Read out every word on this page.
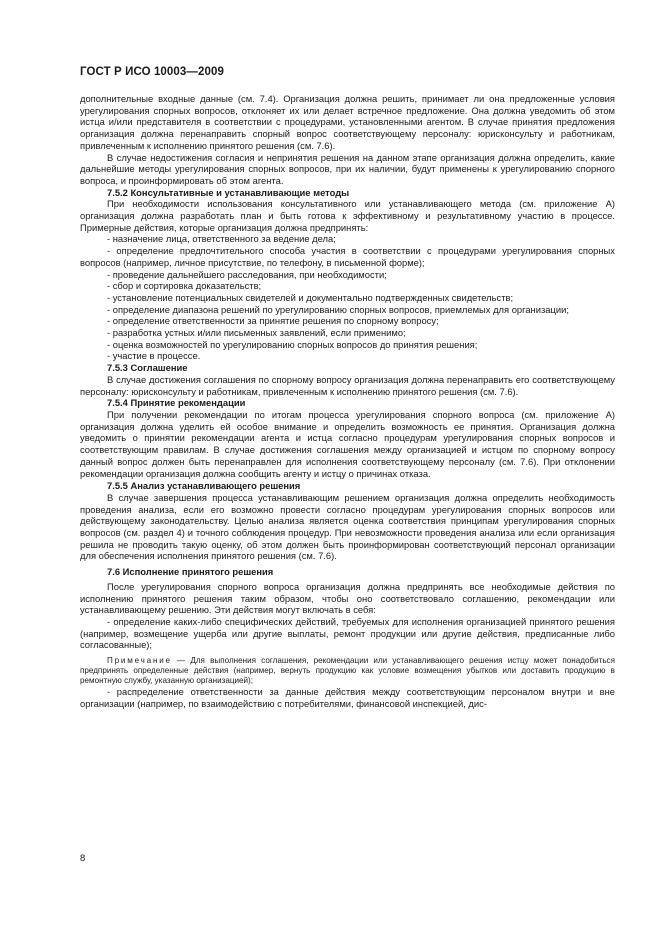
ГОСТ Р ИСО 10003—2009

дополнительные входные данные (см. 7.4). Организация должна решить, принимает ли она предложенные условия урегулирования спорных вопросов, отклоняет их или делает встречное предложение. Она должна уведомить об этом истца и/или представителя в соответствии с процедурами, установленными агентом. В случае принятия предложения организация должна перенаправить спорный вопрос соответствующему персоналу: юрисконсульту и работникам, привлеченным к исполнению принятого решения (см. 7.6).

В случае недостижения согласия и непринятия решения на данном этапе организация должна определить, какие дальнейшие методы урегулирования спорных вопросов, при их наличии, будут применены к урегулированию спорного вопроса, и проинформировать об этом агента.

7.5.2 Консультативные и устанавливающие методы

При необходимости использования консультативного или устанавливающего метода (см. приложение А) организация должна разработать план и быть готова к эффективному и результативному участию в процессе. Примерные действия, которые организация должна предпринять:

- назначение лица, ответственного за ведение дела;

- определение предпочтительного способа участия в соответствии с процедурами урегулирования спорных вопросов (например, личное присутствие, по телефону, в письменной форме);

- проведение дальнейшего расследования, при необходимости;

- сбор и сортировка доказательств;

- установление потенциальных свидетелей и документально подтвержденных свидетельств;

- определение диапазона решений по урегулированию спорных вопросов, приемлемых для организации;

- определение ответственности за принятие решения по спорному вопросу;

- разработка устных и/или письменных заявлений, если применимо;

- оценка возможностей по урегулированию спорных вопросов до принятия решения;

- участие в процессе.

7.5.3 Соглашение

В случае достижения соглашения по спорному вопросу организация должна перенаправить его соответствующему персоналу: юрисконсульту и работникам, привлеченным к исполнению принятого решения (см. 7.6).

7.5.4 Принятие рекомендации

При получении рекомендации по итогам процесса урегулирования спорного вопроса (см. приложение А) организация должна уделить ей особое внимание и определить возможность ее принятия. Организация должна уведомить о принятии рекомендации агента и истца согласно процедурам урегулирования спорных вопросов и соответствующим правилам. В случае достижения соглашения между организацией и истцом по спорному вопросу данный вопрос должен быть перенаправлен для исполнения соответствующему персоналу (см. 7.6). При отклонении рекомендации организация должна сообщить агенту и истцу о причинах отказа.

7.5.5 Анализ устанавливающего решения

В случае завершения процесса устанавливающим решением организация должна определить необходимость проведения анализа, если его возможно провести согласно процедурам урегулирования спорных вопросов или действующему законодательству. Целью анализа является оценка соответствия принципам урегулирования спорных вопросов (см. раздел 4) и точного соблюдения процедур. При невозможности проведения анализа или если организация решила не проводить такую оценку, об этом должен быть проинформирован соответствующий персонал организации для обеспечения исполнения принятого решения (см. 7.6).

7.6 Исполнение принятого решения

После урегулирования спорного вопроса организация должна предпринять все необходимые действия по исполнению принятого решения таким образом, чтобы оно соответствовало соглашению, рекомендации или устанавливающему решению. Эти действия могут включать в себя:

- определение каких-либо специфических действий, требуемых для исполнения организацией принятого решения (например, возмещение ущерба или другие выплаты, ремонт продукции или другие действия, предписанные либо согласованные);

Примечание — Для выполнения соглашения, рекомендации или устанавливающего решения истцу может понадобиться предпринять определенные действия (например, вернуть продукцию как условие возмещения убытков или доставить продукцию в ремонтную службу, указанную организацией);

- распределение ответственности за данные действия между соответствующим персоналом внутри и вне организации (например, по взаимодействию с потребителями, финансовой инспекцией, дис-

8
